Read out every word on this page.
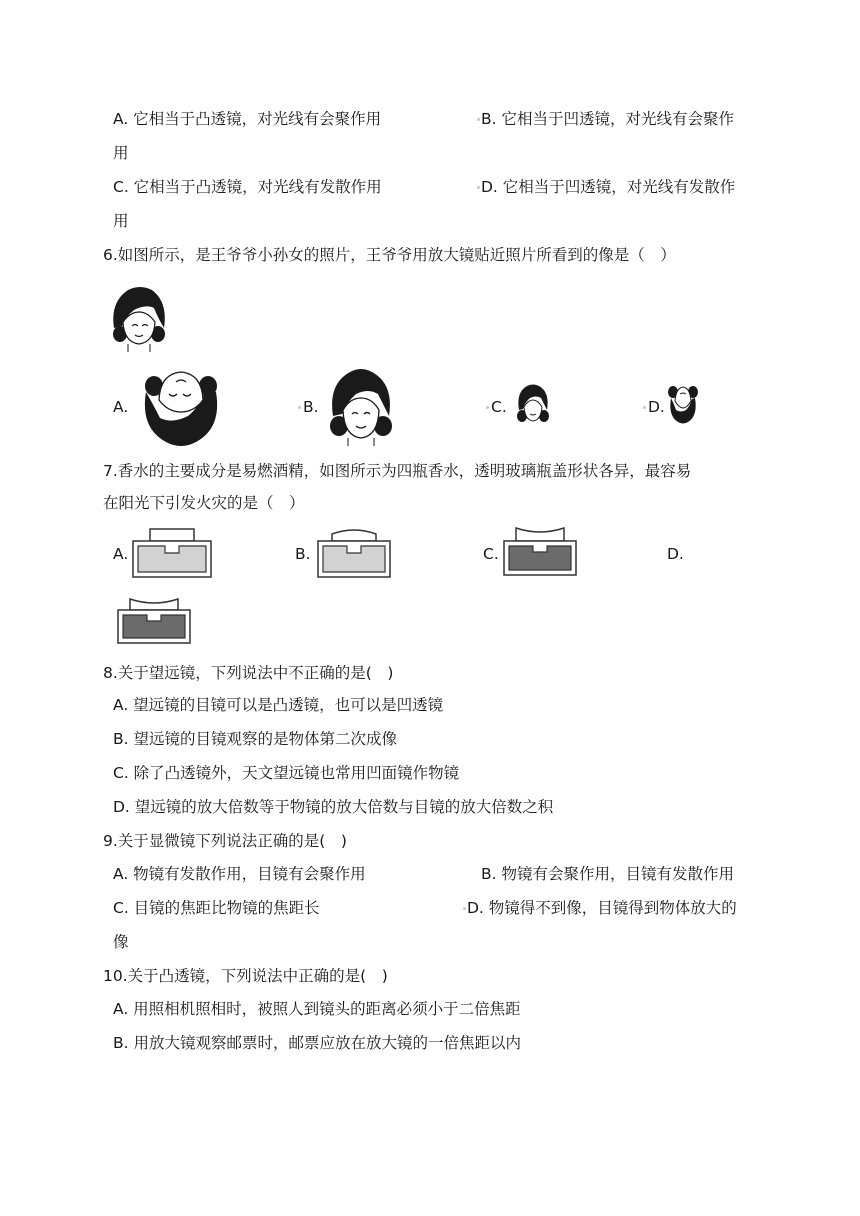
A. 它相当于凸透镜，对光线有会聚作用	B. 它相当于凹透镜，对光线有会聚作
用
C. 它相当于凸透镜，对光线有发散作用	D. 它相当于凹透镜，对光线有发散作
用
6.如图所示，是王爷爷小孙女的照片，王爷爷用放大镜贴近照片所看到的像是（　）
A.	B.	C.	D.
7.香水的主要成分是易燃酒精，如图所示为四瓶香水，透明玻璃瓶盖形状各异，最容易
在阳光下引发火灾的是（　）
A.	B.	C.	D.
8.关于望远镜，下列说法中不正确的是(　)
A. 望远镜的目镜可以是凸透镜，也可以是凹透镜
B. 望远镜的目镜观察的是物体第二次成像
C. 除了凸透镜外，天文望远镜也常用凹面镜作物镜
D. 望远镜的放大倍数等于物镜的放大倍数与目镜的放大倍数之积
9.关于显微镜下列说法正确的是(　)
A. 物镜有发散作用，目镜有会聚作用	B. 物镜有会聚作用，目镜有发散作用
C. 目镜的焦距比物镜的焦距长	D. 物镜得不到像，目镜得到物体放大的
像
10.关于凸透镜，下列说法中正确的是(　)
A. 用照相机照相时，被照人到镜头的距离必须小于二倍焦距
B. 用放大镜观察邮票时，邮票应放在放大镜的一倍焦距以内
